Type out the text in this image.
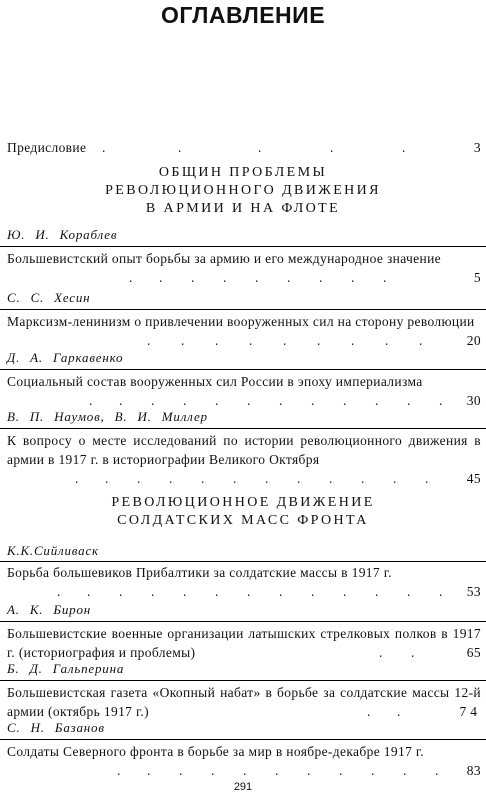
ОГЛАВЛЕНИЕ
Предисловие	.	.	.	.	.	3
ОБЩИН ПРОБЛЕМЫ
РЕВОЛЮЦИОННОГО ДВИЖЕНИЯ
В АРМИИ И НА ФЛОТЕ
Ю. И. Кораблев
Большевистский опыт борьбы за армию и его международное значение
. . . . . . . . .	5
С. С. Хесин
Марксизм-ленинизм о привлечении вооруженных сил на сторону революции
. . . . . . . . .	20
Д. А. Гаркавенко
Социальный состав вооруженных сил России в эпоху империализма
. . . . . . . . . . . . 30
В. П. Наумов, В. И. Миллер
К вопросу о месте исследований по истории революционного движения в армии в 1917 г. в историографии Великого Октября
. . . . . . . . . . . .	45
РЕВОЛЮЦИОННОЕ ДВИЖЕНИЕ
СОЛДАТСКИХ МАСС ФРОНТА
К.К.Сийливаск
Борьба большевиков Прибалтики за солдатские массы в 1917 г.
. . . . . . . . . . . . . 53
А. К. Бирон
Большевистские военные организации латышских стрелковых полков в 1917 г. (историография и проблемы)	. .	65
Б. Д. Гальперина
Большевистская газета «Окопный набат» в борьбе за солдатские массы 12-й армии (октябрь 1917 г.)	. .	74
С. Н. Базанов
Солдаты Северного фронта в борьбе за мир в ноябре-декабре 1917 г.
. . . . . . . . . . . 83
291
